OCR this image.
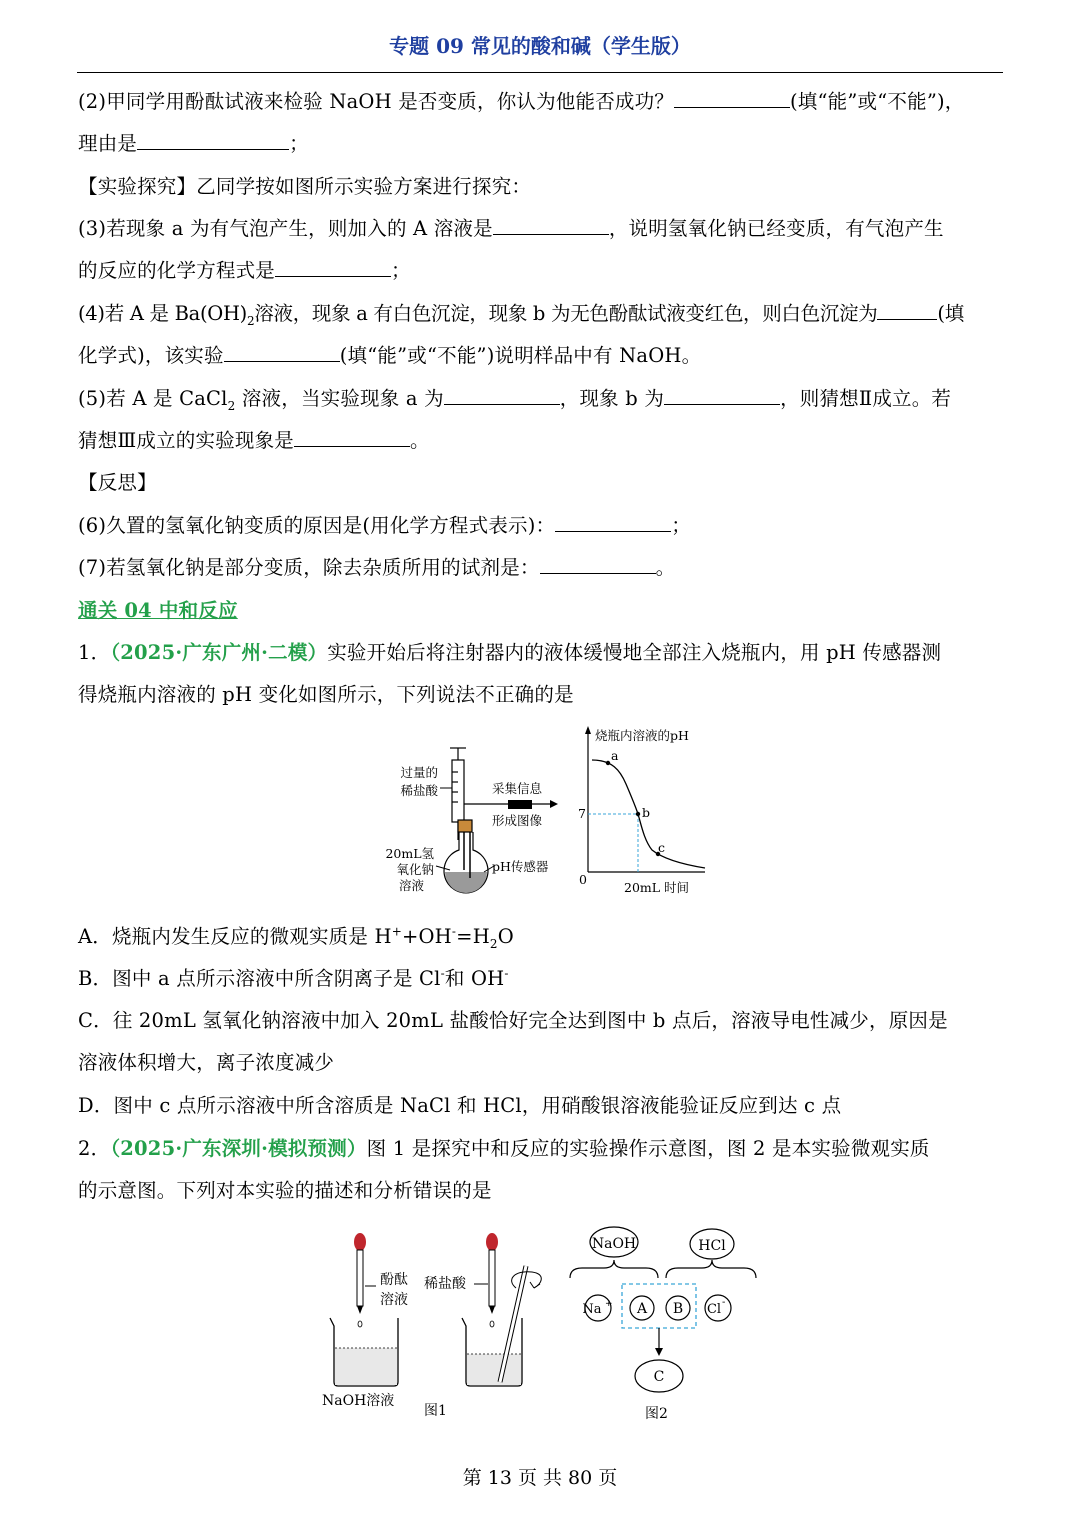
专题 09 常见的酸和碱（学生版）
(2)甲同学用酚酞试液来检验 NaOH 是否变质，你认为他能否成功？	(填“能”或“不能”)，
理由是	；
【实验探究】乙同学按如图所示实验方案进行探究：
(3)若现象 a 为有气泡产生，则加入的 A 溶液是	，说明氢氧化钠已经变质，有气泡产生
的反应的化学方程式是	；
(4)若 A 是 $Ba(OH)_2$溶液，现象 a 有白色沉淀，现象 b 为无色酚酞试液变红色，则白色沉淀为	(填
化学式)，该实验	(填“能”或“不能”)说明样品中有 NaOH。
(5)若 A 是 CaCl$_2$ 溶液，当实验现象 a 为	，现象 b 为	，则猜想Ⅱ成立。若
猜想Ⅲ成立的实验现象是	。
【反思】
(6)久置的氢氧化钠变质的原因是(用化学方程式表示)：	；
(7)若氢氧化钠是部分变质，除去杂质所用的试剂是：	。
通关 04 中和反应
1．（2025·广东广州·二模）实验开始后将注射器内的液体缓慢地全部注入烧瓶内，用 pH 传感器测
得烧瓶内溶液的 pH 变化如图所示，下列说法不正确的是
过量的
稀盐酸
20mL氢
氧化钠
溶液
pH传感器
采集信息
形成图像
烧瓶内溶液的pH
a
b
c
7
0
20mL 时间
A．烧瓶内发生反应的微观实质是 $H^++OH^-=H_2O$
B．图中 a 点所示溶液中所含阴离子是 Cl-和 OH-
C．往 20mL 氢氧化钠溶液中加入 20mL 盐酸恰好完全达到图中 b 点后，溶液导电性减少，原因是
溶液体积增大，离子浓度减少
D．图中 c 点所示溶液中所含溶质是 NaCl 和 HCl，用硝酸银溶液能验证反应到达 c 点
2．（2025·广东深圳·模拟预测）图 1 是探究中和反应的实验操作示意图，图 2 是本实验微观实质
的示意图。下列对本实验的描述和分析错误的是
酚酞
溶液
NaOH溶液
图1
稀盐酸
NaOH	HCl
Na + A B Cl -
C
图2
第 13 页 共 80 页
